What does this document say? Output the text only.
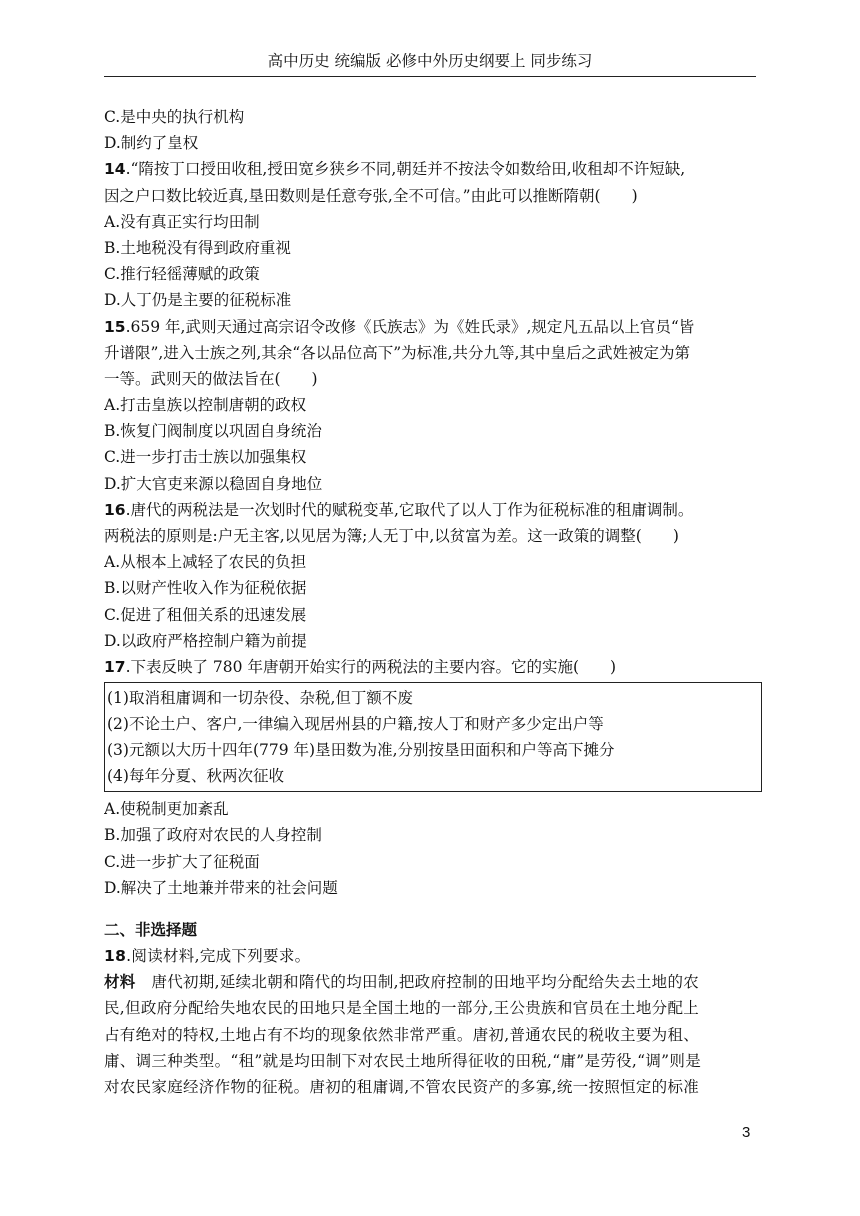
高中历史 统编版 必修中外历史纲要上 同步练习
C.是中央的执行机构
D.制约了皇权
14.“隋按丁口授田收租,授田宽乡狭乡不同,朝廷并不按法令如数给田,收租却不许短缺,
因之户口数比较近真,垦田数则是任意夸张,全不可信。”由此可以推断隋朝(　　)
A.没有真正实行均田制
B.土地税没有得到政府重视
C.推行轻徭薄赋的政策
D.人丁仍是主要的征税标准
15.659 年,武则天通过高宗诏令改修《氏族志》为《姓氏录》,规定凡五品以上官员“皆
升谱限”,进入士族之列,其余“各以品位高下”为标准,共分九等,其中皇后之武姓被定为第
一等。武则天的做法旨在(　　)
A.打击皇族以控制唐朝的政权
B.恢复门阀制度以巩固自身统治
C.进一步打击士族以加强集权
D.扩大官吏来源以稳固自身地位
16.唐代的两税法是一次划时代的赋税变革,它取代了以人丁作为征税标准的租庸调制。
两税法的原则是:户无主客,以见居为簿;人无丁中,以贫富为差。这一政策的调整(　　)
A.从根本上减轻了农民的负担
B.以财产性收入作为征税依据
C.促进了租佃关系的迅速发展
D.以政府严格控制户籍为前提
17.下表反映了 780 年唐朝开始实行的两税法的主要内容。它的实施(　　)
(1)取消租庸调和一切杂役、杂税,但丁额不废
(2)不论土户、客户,一律编入现居州县的户籍,按人丁和财产多少定出户等
(3)元额以大历十四年(779 年)垦田数为准,分别按垦田面积和户等高下摊分
(4)每年分夏、秋两次征收
A.使税制更加紊乱
B.加强了政府对农民的人身控制
C.进一步扩大了征税面
D.解决了土地兼并带来的社会问题
二、非选择题
18.阅读材料,完成下列要求。
材料　唐代初期,延续北朝和隋代的均田制,把政府控制的田地平均分配给失去土地的农
民,但政府分配给失地农民的田地只是全国土地的一部分,王公贵族和官员在土地分配上
占有绝对的特权,土地占有不均的现象依然非常严重。唐初,普通农民的税收主要为租、
庸、调三种类型。“租”就是均田制下对农民土地所得征收的田税,“庸”是劳役,“调”则是
对农民家庭经济作物的征税。唐初的租庸调,不管农民资产的多寡,统一按照恒定的标准
3
